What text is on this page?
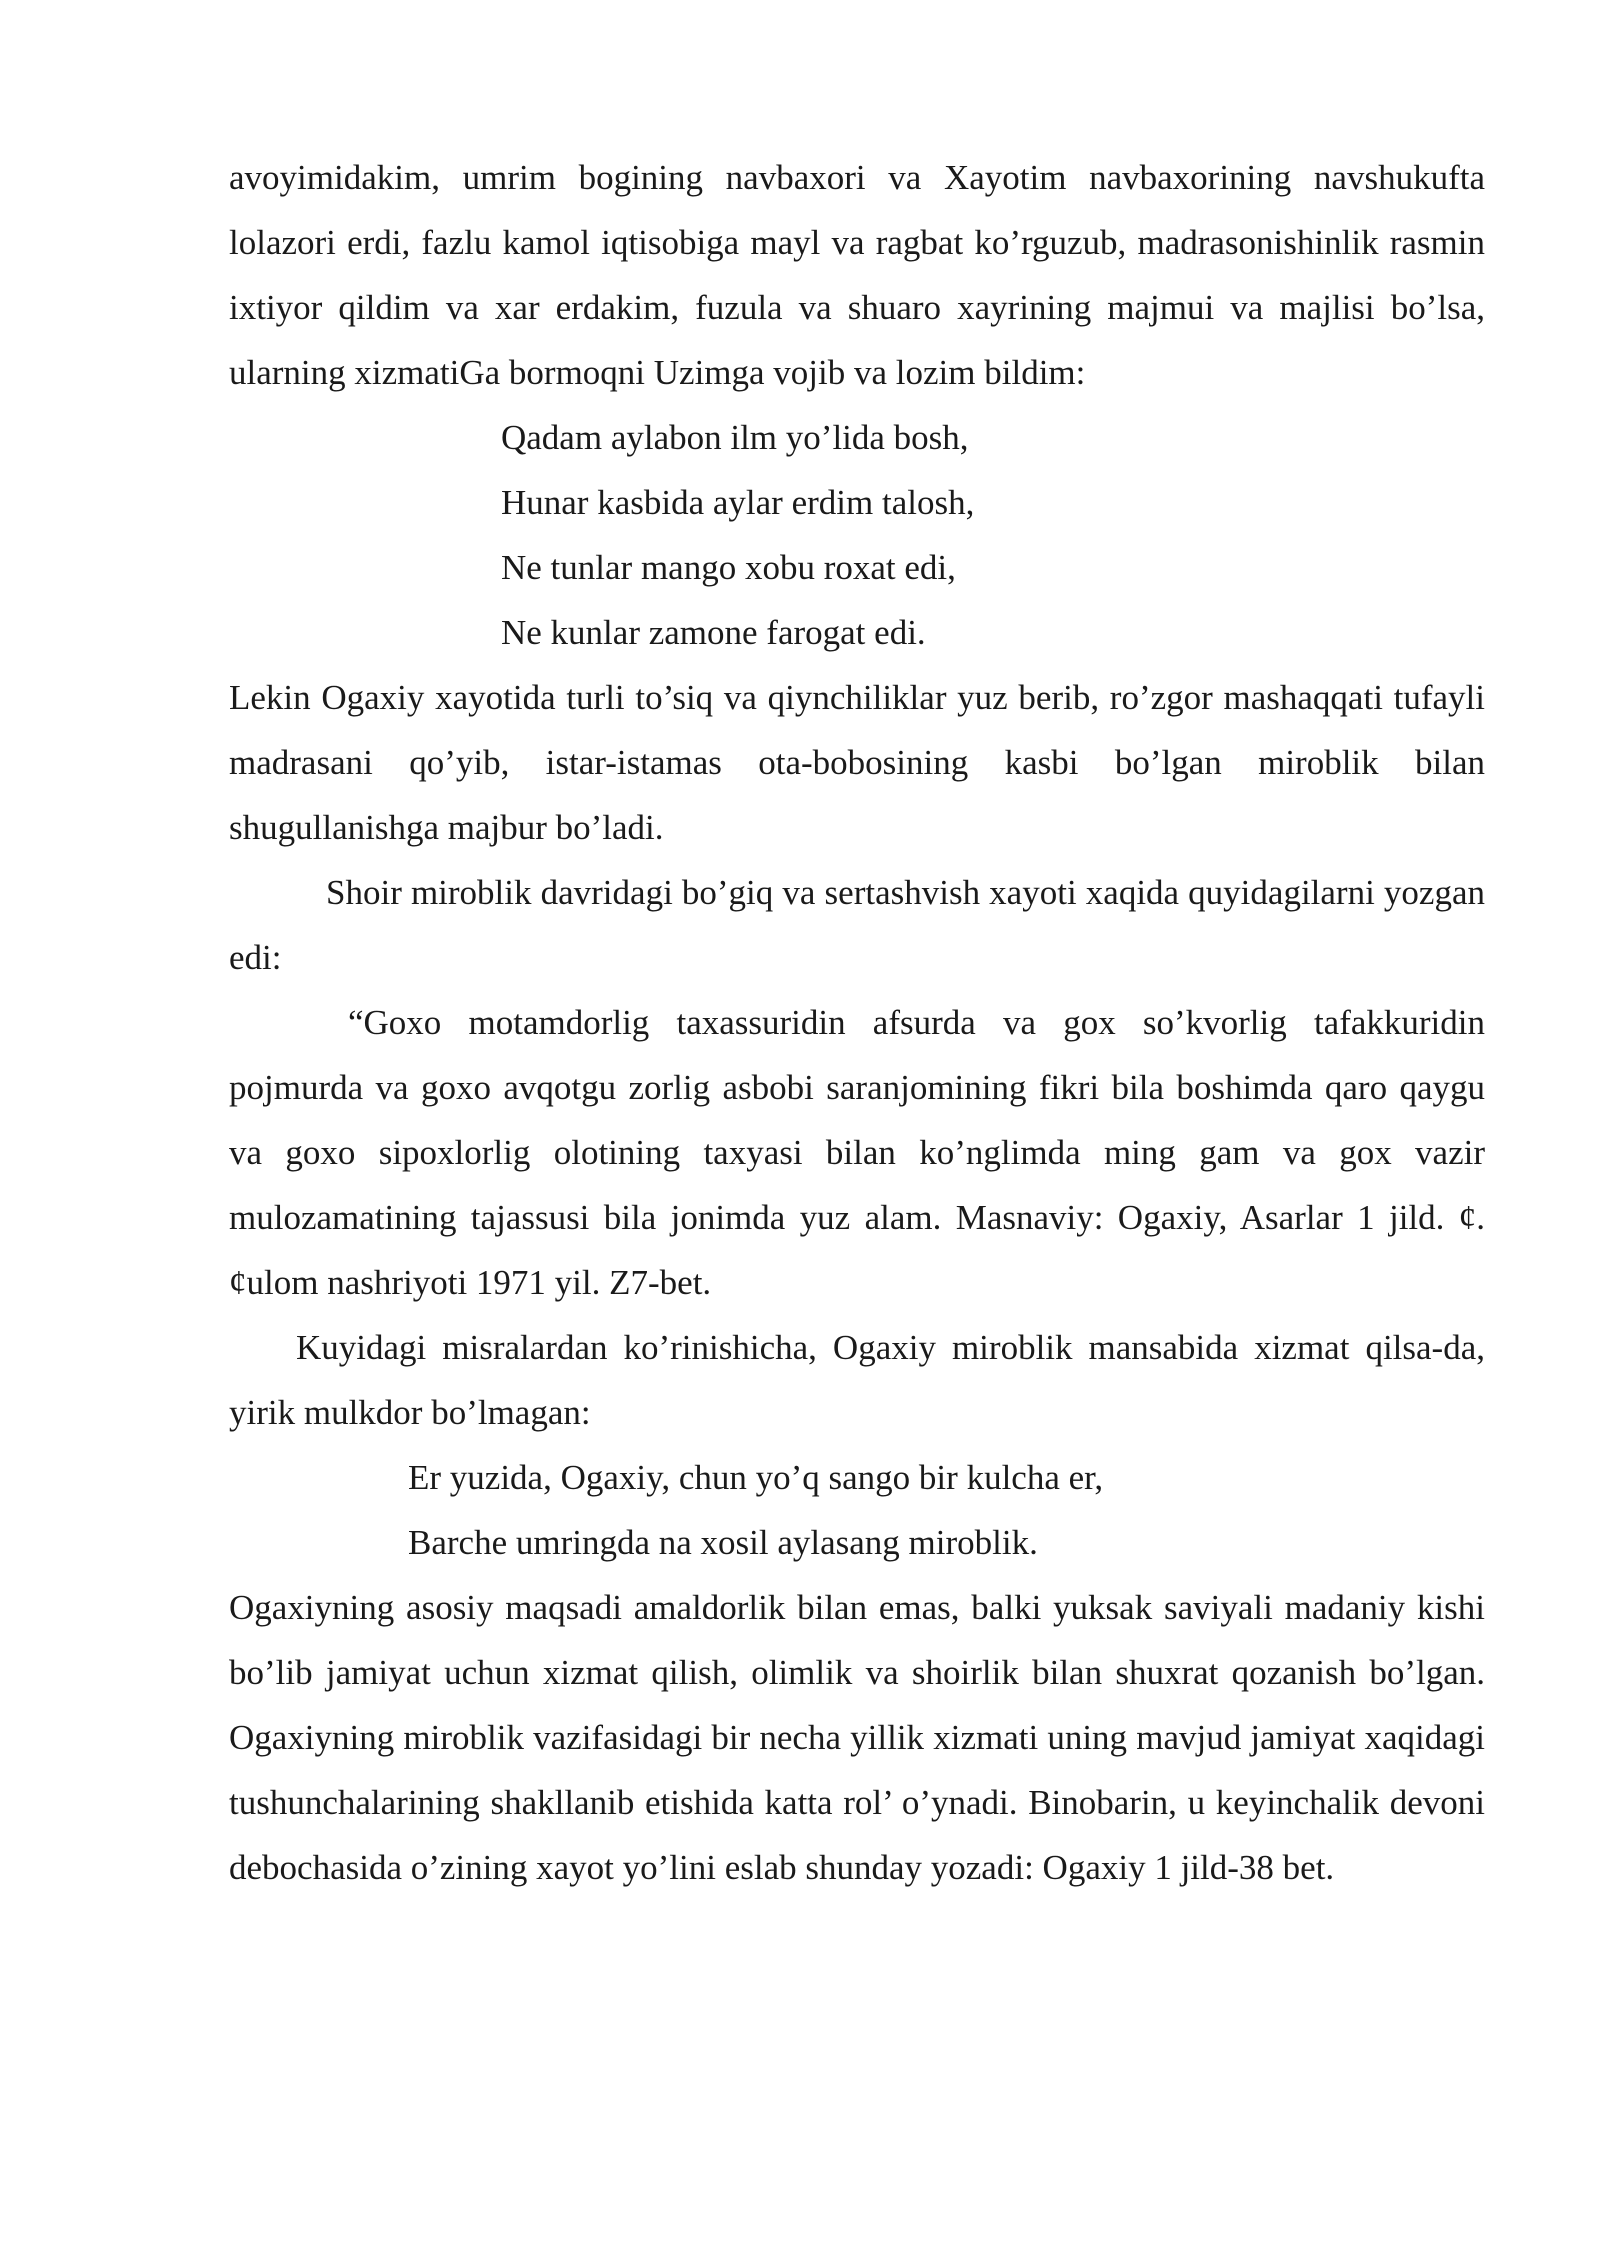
avoyimidakim, umrim bogining navbaxori va Xayotim navbaxorining navshukufta lolazori erdi, fazlu kamol iqtisobiga mayl va ragbat ko’rguzub, madrasonishinlik rasmin ixtiyor qildim va xar erdakim, fuzula va shuaro xayrining majmui va majlisi bo’lsa, ularning xizmatiGa bormoqni Uzimga vojib va lozim bildim:

Qadam aylabon ilm yo’lida bosh,

Hunar kasbida aylar erdim talosh,

Ne tunlar mango xobu roxat edi,

Ne kunlar zamone farogat edi.

Lekin Ogaxiy xayotida turli to’siq va qiynchiliklar yuz berib, ro’zgor mashaqqati tufayli madrasani qo’yib, istar-istamas ota-bobosining kasbi bo’lgan miroblik bilan shugullanishga majbur bo’ladi.

Shoir miroblik davridagi bo’giq va sertashvish xayoti xaqida quyidagilarni yozgan edi:

“Goxo motamdorlig taxassuridin afsurda va gox so’kvorlig tafakkuridin pojmurda va goxo avqotgu zorlig asbobi saranjomining fikri bila boshimda qaro qaygu va goxo sipoxlorlig olotining taxyasi bilan ko’nglimda ming gam va gox vazir mulozamatining tajassusi bila jonimda yuz alam. Masnaviy: Ogaxiy, Asarlar 1 jild. ¢.¢ulom nashriyoti 1971 yil. Z7-bet.

Kuyidagi misralardan ko’rinishicha, Ogaxiy miroblik mansabida xizmat qilsa-da, yirik mulkdor bo’lmagan:

Er yuzida, Ogaxiy, chun yo’q sango bir kulcha er,

Barche umringda na xosil aylasang miroblik.

Ogaxiyning asosiy maqsadi amaldorlik bilan emas, balki yuksak saviyali madaniy kishi bo’lib jamiyat uchun xizmat qilish, olimlik va shoirlik bilan shuxrat qozanish bo’lgan. Ogaxiyning miroblik vazifasidagi bir necha yillik xizmati uning mavjud jamiyat xaqidagi tushunchalarining shakllanib etishida katta rol’ o’ynadi. Binobarin, u keyinchalik devoni debochasida o’zining xayot yo’lini eslab shunday yozadi: Ogaxiy 1 jild-38 bet.
